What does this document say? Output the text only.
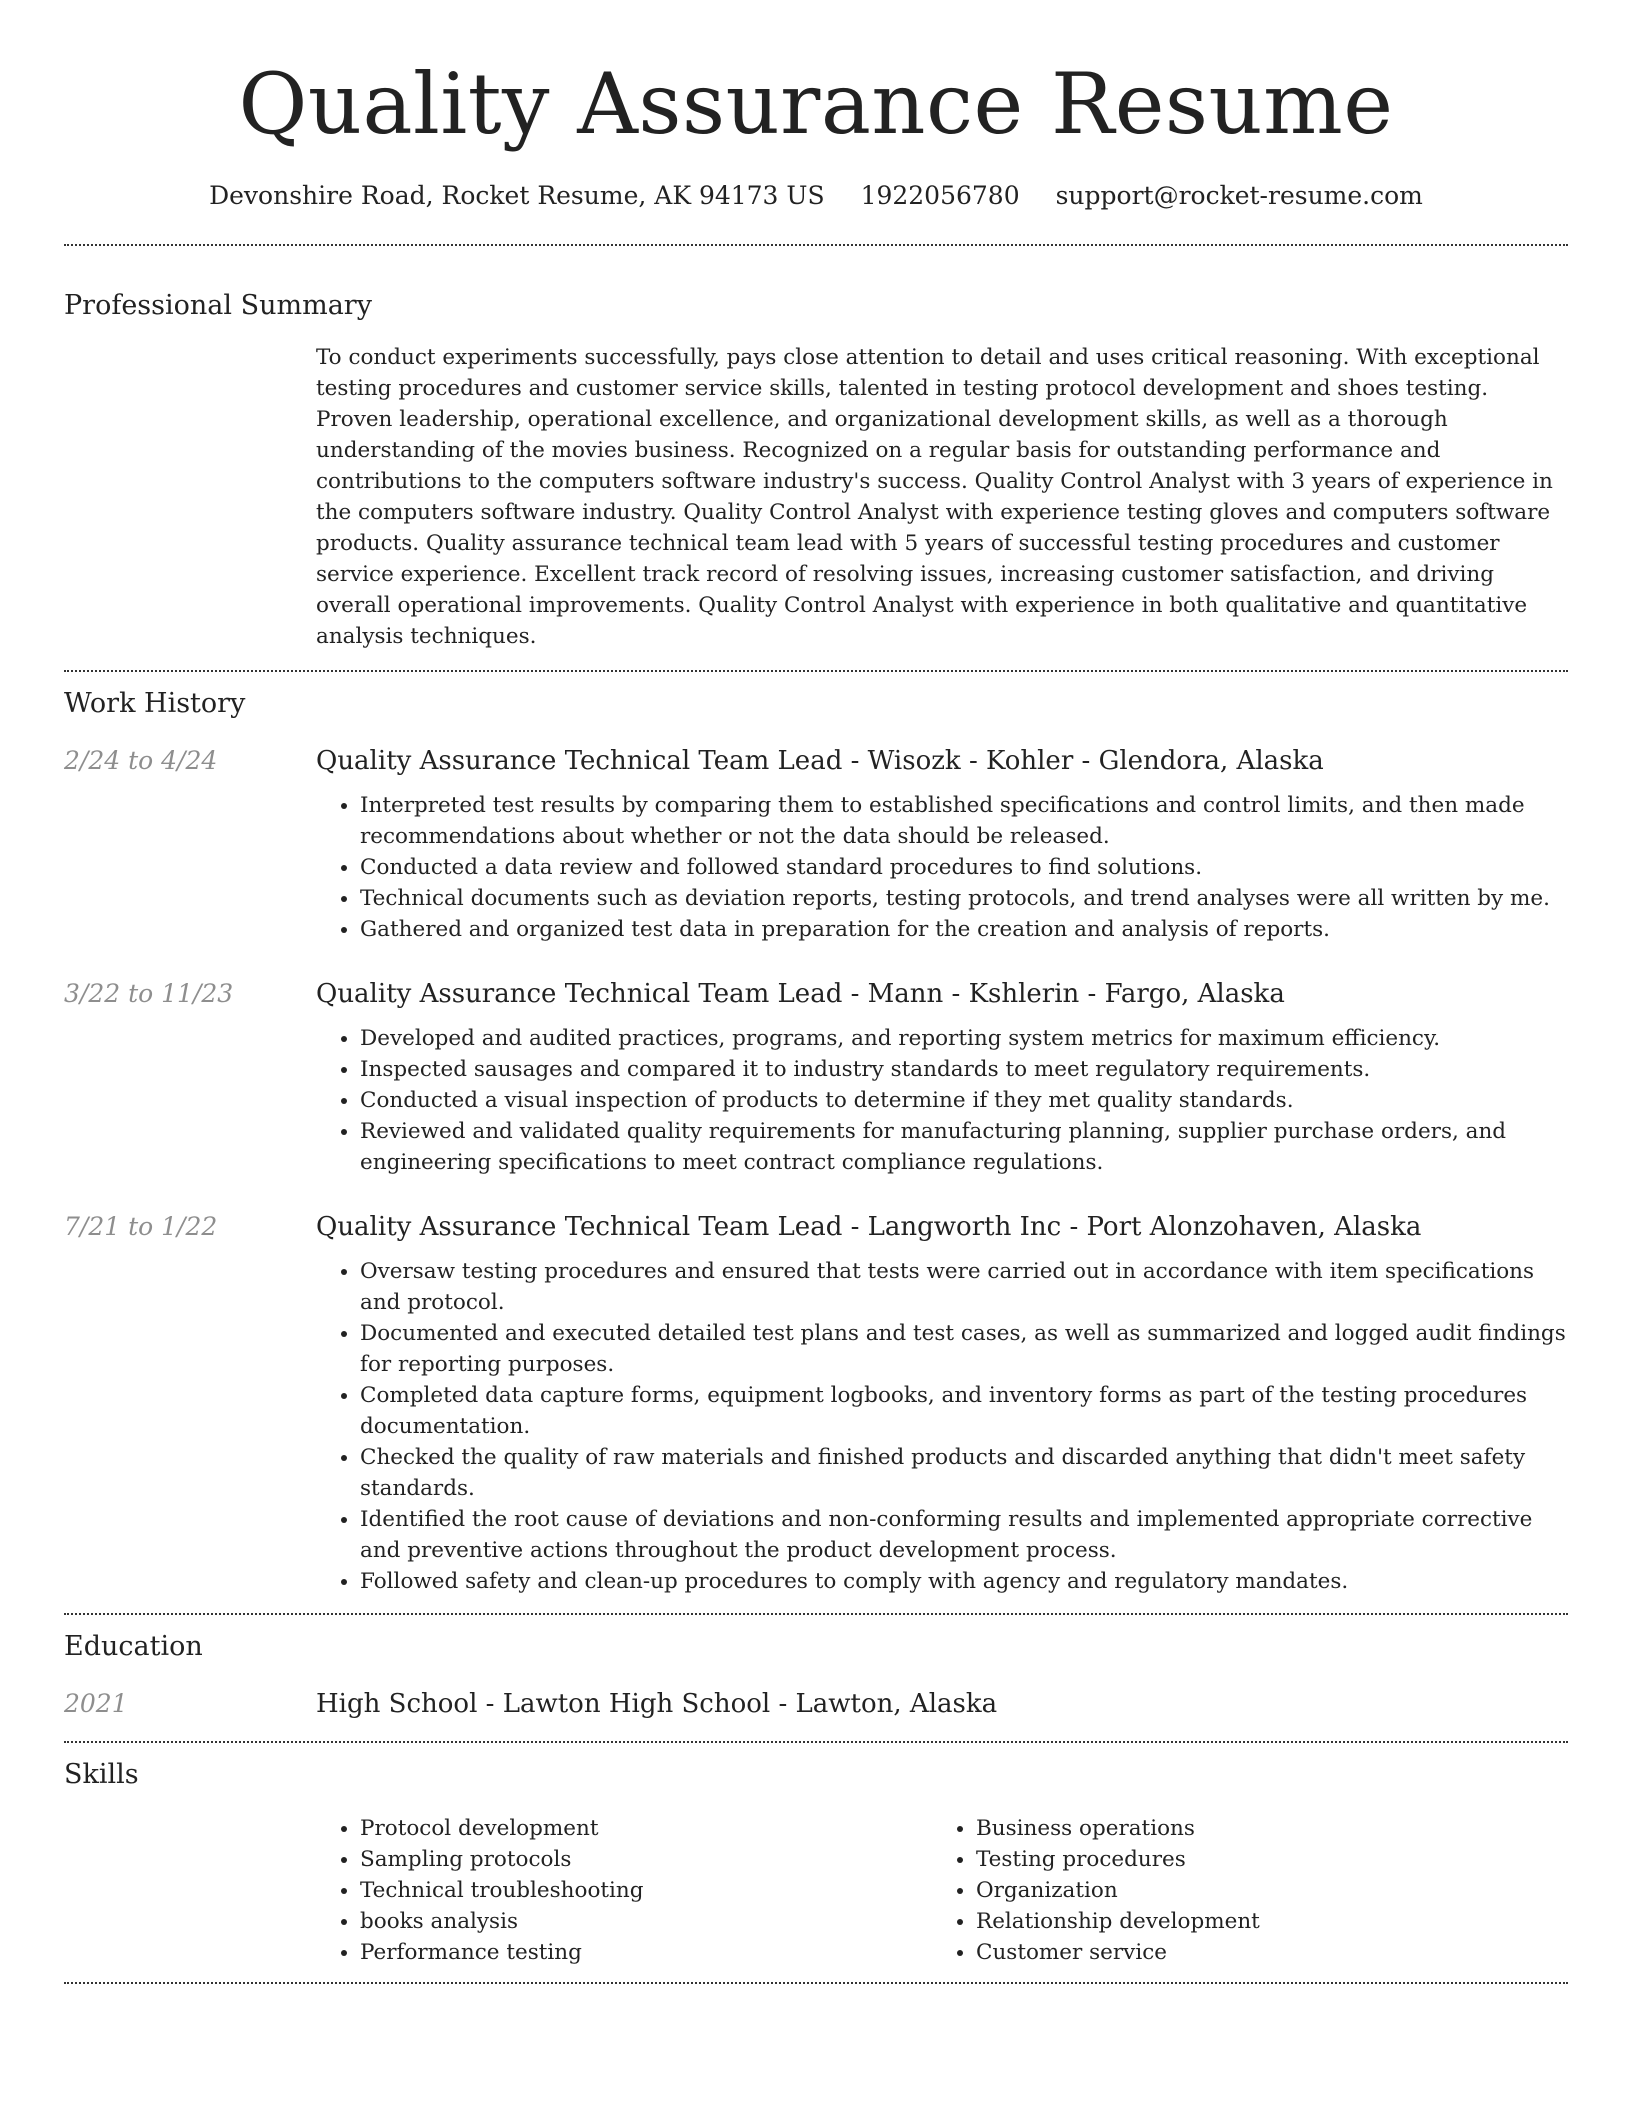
Quality Assurance Resume
Devonshire Road, Rocket Resume, AK 94173 US 1922056780 support@rocket-resume.com
Professional Summary
To conduct experiments successfully, pays close attention to detail and uses critical reasoning. With exceptional testing procedures and customer service skills, talented in testing protocol development and shoes testing. Proven leadership, operational excellence, and organizational development skills, as well as a thorough understanding of the movies business. Recognized on a regular basis for outstanding performance and contributions to the computers software industry's success. Quality Control Analyst with 3 years of experience in the computers software industry. Quality Control Analyst with experience testing gloves and computers software products. Quality assurance technical team lead with 5 years of successful testing procedures and customer service experience. Excellent track record of resolving issues, increasing customer satisfaction, and driving overall operational improvements. Quality Control Analyst with experience in both qualitative and quantitative analysis techniques.
Work History
2/24 to 4/24	Quality Assurance Technical Team Lead - Wisozk - Kohler - Glendora, Alaska
• Interpreted test results by comparing them to established specifications and control limits, and then made recommendations about whether or not the data should be released.
• Conducted a data review and followed standard procedures to find solutions.
• Technical documents such as deviation reports, testing protocols, and trend analyses were all written by me.
• Gathered and organized test data in preparation for the creation and analysis of reports.
3/22 to 11/23	Quality Assurance Technical Team Lead - Mann - Kshlerin - Fargo, Alaska
• Developed and audited practices, programs, and reporting system metrics for maximum efficiency.
• Inspected sausages and compared it to industry standards to meet regulatory requirements.
• Conducted a visual inspection of products to determine if they met quality standards.
• Reviewed and validated quality requirements for manufacturing planning, supplier purchase orders, and engineering specifications to meet contract compliance regulations.
7/21 to 1/22	Quality Assurance Technical Team Lead - Langworth Inc - Port Alonzohaven, Alaska
• Oversaw testing procedures and ensured that tests were carried out in accordance with item specifications and protocol.
• Documented and executed detailed test plans and test cases, as well as summarized and logged audit findings for reporting purposes.
• Completed data capture forms, equipment logbooks, and inventory forms as part of the testing procedures documentation.
• Checked the quality of raw materials and finished products and discarded anything that didn't meet safety standards.
• Identified the root cause of deviations and non-conforming results and implemented appropriate corrective and preventive actions throughout the product development process.
• Followed safety and clean-up procedures to comply with agency and regulatory mandates.
Education
2021	High School - Lawton High School - Lawton, Alaska
Skills
• Protocol development
• Sampling protocols
• Technical troubleshooting
• books analysis
• Performance testing
• Business operations
• Testing procedures
• Organization
• Relationship development
• Customer service
